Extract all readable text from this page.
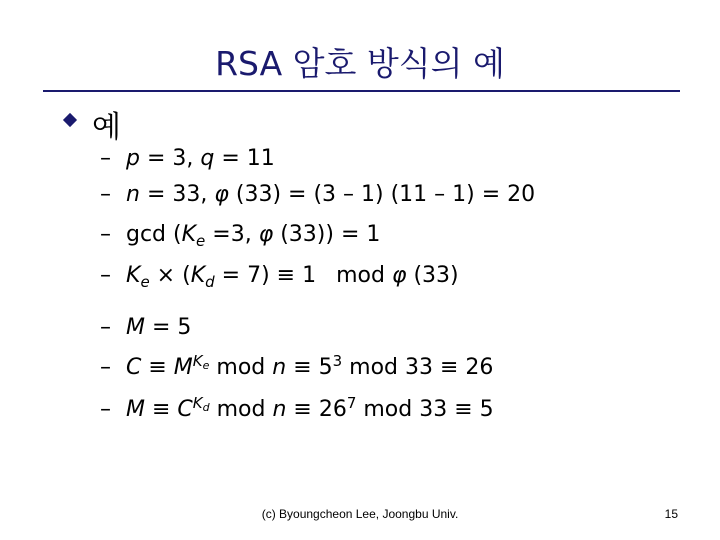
RSA 암호 방식의 예
예
– p = 3, q = 11
– n = 33, φ (33) = (3 – 1) (11 – 1) = 20
– $\gcd (K_e =3$, φ (33)) = 1
– $K_e \times (K_d = 7) \equiv 1$ mod φ (33)
– M = 5
– $C \equiv M^{K_e}$ mod $n \equiv 5^3$ mod 33 ≡ 26
– $M \equiv C^{K_d}$ mod $n \equiv 26^7$ mod 33 ≡ 5
(c) Byoungcheon Lee, Joongbu Univ.	15
